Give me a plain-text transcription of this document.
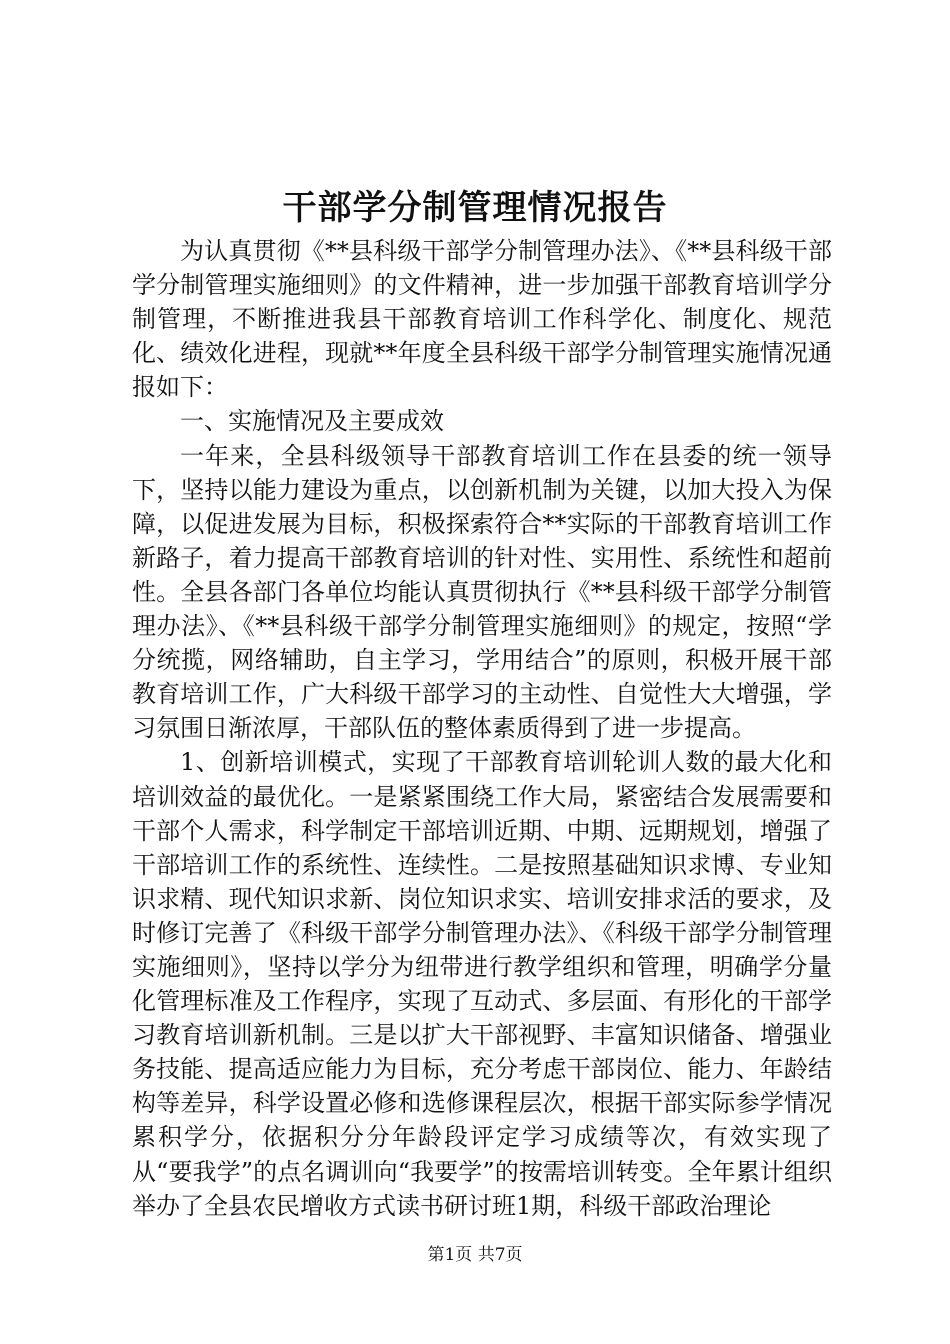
干部学分制管理情况报告

为认真贯彻《**县科级干部学分制管理办法》、《**县科级干部学分制管理实施细则》的文件精神，进一步加强干部教育培训学分制管理，不断推进我县干部教育培训工作科学化、制度化、规范化、绩效化进程，现就**年度全县科级干部学分制管理实施情况通报如下：

一、实施情况及主要成效

一年来，全县科级领导干部教育培训工作在县委的统一领导下，坚持以能力建设为重点，以创新机制为关键，以加大投入为保障，以促进发展为目标，积极探索符合**实际的干部教育培训工作新路子，着力提高干部教育培训的针对性、实用性、系统性和超前性。全县各部门各单位均能认真贯彻执行《**县科级干部学分制管理办法》、《**县科级干部学分制管理实施细则》的规定，按照“学分统揽，网络辅助，自主学习，学用结合”的原则，积极开展干部教育培训工作，广大科级干部学习的主动性、自觉性大大增强，学习氛围日渐浓厚，干部队伍的整体素质得到了进一步提高。

1、创新培训模式，实现了干部教育培训轮训人数的最大化和培训效益的最优化。一是紧紧围绕工作大局，紧密结合发展需要和干部个人需求，科学制定干部培训近期、中期、远期规划，增强了干部培训工作的系统性、连续性。二是按照基础知识求博、专业知识求精、现代知识求新、岗位知识求实、培训安排求活的要求，及时修订完善了《科级干部学分制管理办法》、《科级干部学分制管理实施细则》，坚持以学分为纽带进行教学组织和管理，明确学分量化管理标准及工作程序，实现了互动式、多层面、有形化的干部学习教育培训新机制。三是以扩大干部视野、丰富知识储备、增强业务技能、提高适应能力为目标，充分考虑干部岗位、能力、年龄结构等差异，科学设置必修和选修课程层次，根据干部实际参学情况累积学分，依据积分分年龄段评定学习成绩等次，有效实现了从“要我学”的点名调训向“我要学”的按需培训转变。全年累计组织举办了全县农民增收方式读书研讨班1期，科级干部政治理论

第1页 共7页
